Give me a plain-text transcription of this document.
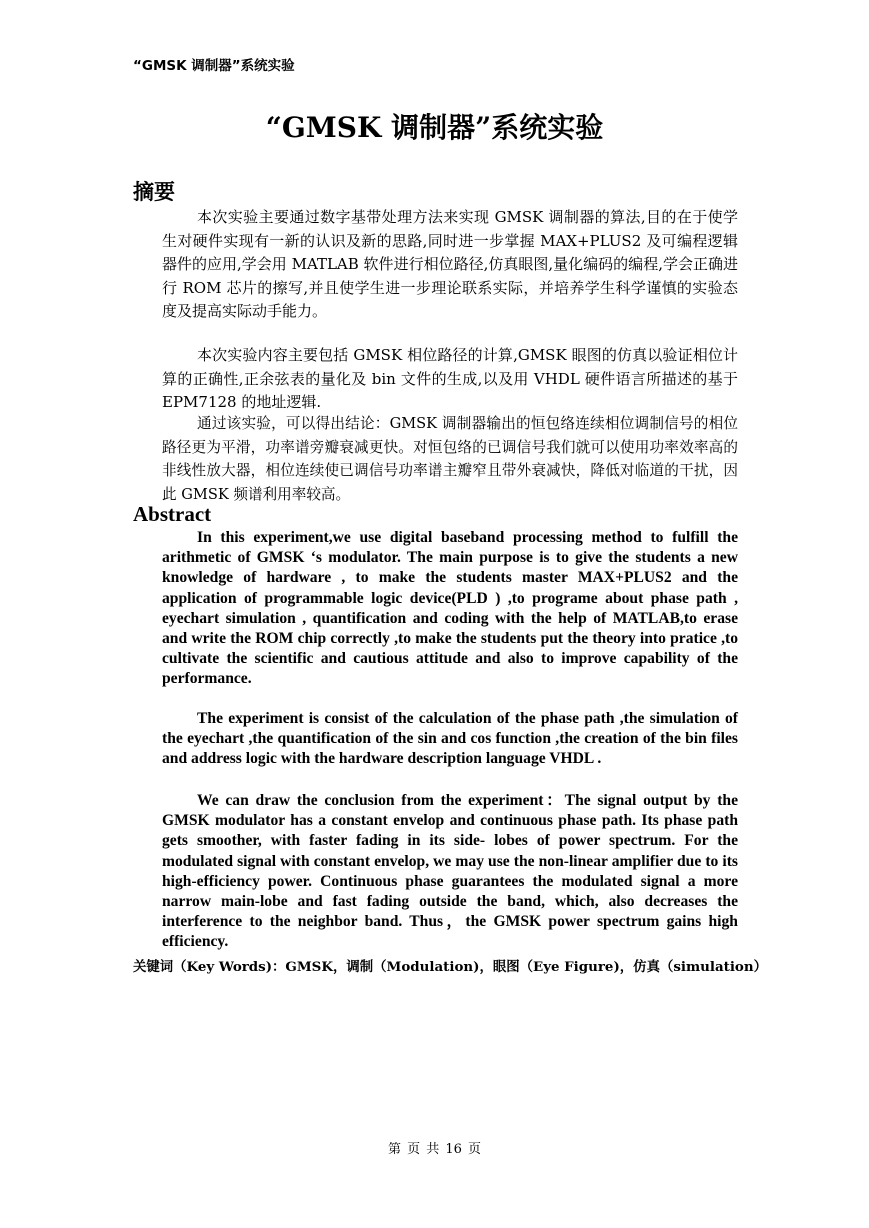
“GMSK 调制器”系统实验
“GMSK 调制器”系统实验
摘要

本次实验主要通过数字基带处理方法来实现 GMSK 调制器的算法,目的在于使学生对硬件实现有一新的认识及新的思路,同时进一步掌握 MAX+PLUS2 及可编程逻辑器件的应用,学会用 MATLAB 软件进行相位路径,仿真眼图,量化编码的编程,学会正确进行 ROM 芯片的擦写,并且使学生进一步理论联系实际，并培养学生科学谨慎的实验态度及提高实际动手能力。

本次实验内容主要包括 GMSK 相位路径的计算,GMSK 眼图的仿真以验证相位计算的正确性,正余弦表的量化及 bin 文件的生成,以及用 VHDL 硬件语言所描述的基于 EPM7128 的地址逻辑.

通过该实验，可以得出结论：GMSK 调制器输出的恒包络连续相位调制信号的相位路径更为平滑，功率谱旁瓣衰减更快。对恒包络的已调信号我们就可以使用功率效率高的非线性放大器，相位连续使已调信号功率谱主瓣窄且带外衰减快，降低对临道的干扰，因此 GMSK 频谱利用率较高。

Abstract

In this experiment,we use digital baseband processing method to fulfill the arithmetic of GMSK ‘s modulator. The main purpose is to give the students a new knowledge of hardware , to make the students master MAX+PLUS2 and the application of programmable logic device(PLD ) ,to programe about phase path , eyechart simulation , quantification and coding with the help of MATLAB,to erase and write the ROM chip correctly ,to make the students put the theory into pratice ,to cultivate the scientific and cautious attitude and also to improve capability of the performance.

The experiment is consist of the calculation of the phase path ,the simulation of the eyechart ,the quantification of the sin and cos function ,the creation of the bin files and address logic with the hardware description language VHDL .

We can draw the conclusion from the experiment：The signal output by the GMSK modulator has a constant envelop and continuous phase path. Its phase path gets smoother, with faster fading in its side- lobes of power spectrum. For the modulated signal with constant envelop, we may use the non-linear amplifier due to its high-efficiency power. Continuous phase guarantees the modulated signal a more narrow main-lobe and fast fading outside the band, which, also decreases the interference to the neighbor band. Thus，the GMSK power spectrum gains high efficiency.

关键词（Key Words)：GMSK，调制（Modulation)，眼图（Eye Figure)，仿真（simulation）
第 页 共 16 页
